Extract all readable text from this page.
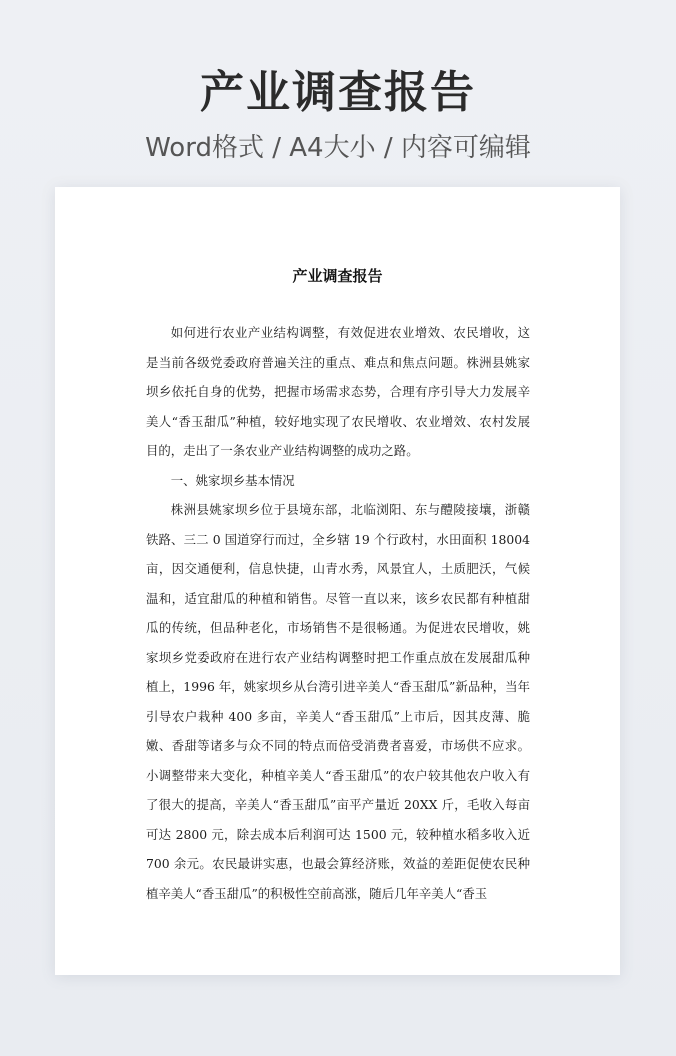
产业调查报告
Word格式 / A4大小 / 内容可编辑
产业调查报告

如何进行农业产业结构调整，有效促进农业增效、农民增收，这是当前各级党委政府普遍关注的重点、难点和焦点问题。株洲县姚家坝乡依托自身的优势，把握市场需求态势，合理有序引导大力发展辛美人“香玉甜瓜”种植，较好地实现了农民增收、农业增效、农村发展目的，走出了一条农业产业结构调整的成功之路。

一、姚家坝乡基本情况

株洲县姚家坝乡位于县境东部，北临浏阳、东与醴陵接壤，浙赣铁路、三二 0 国道穿行而过，全乡辖 19 个行政村，水田面积 18004 亩，因交通便利，信息快捷，山青水秀，风景宜人，土质肥沃，气候温和，适宜甜瓜的种植和销售。尽管一直以来，该乡农民都有种植甜瓜的传统，但品种老化，市场销售不是很畅通。为促进农民增收，姚家坝乡党委政府在进行农产业结构调整时把工作重点放在发展甜瓜种植上，1996 年，姚家坝乡从台湾引进辛美人“香玉甜瓜”新品种，当年引导农户栽种 400 多亩，辛美人“香玉甜瓜”上市后，因其皮薄、脆嫩、香甜等诸多与众不同的特点而倍受消费者喜爱，市场供不应求。小调整带来大变化，种植辛美人“香玉甜瓜”的农户较其他农户收入有了很大的提高，辛美人“香玉甜瓜”亩平产量近 20XX 斤，毛收入每亩可达 2800 元，除去成本后利润可达 1500 元，较种植水稻多收入近 700 余元。农民最讲实惠，也最会算经济账，效益的差距促使农民种植辛美人“香玉甜瓜”的积极性空前高涨，随后几年辛美人“香玉
